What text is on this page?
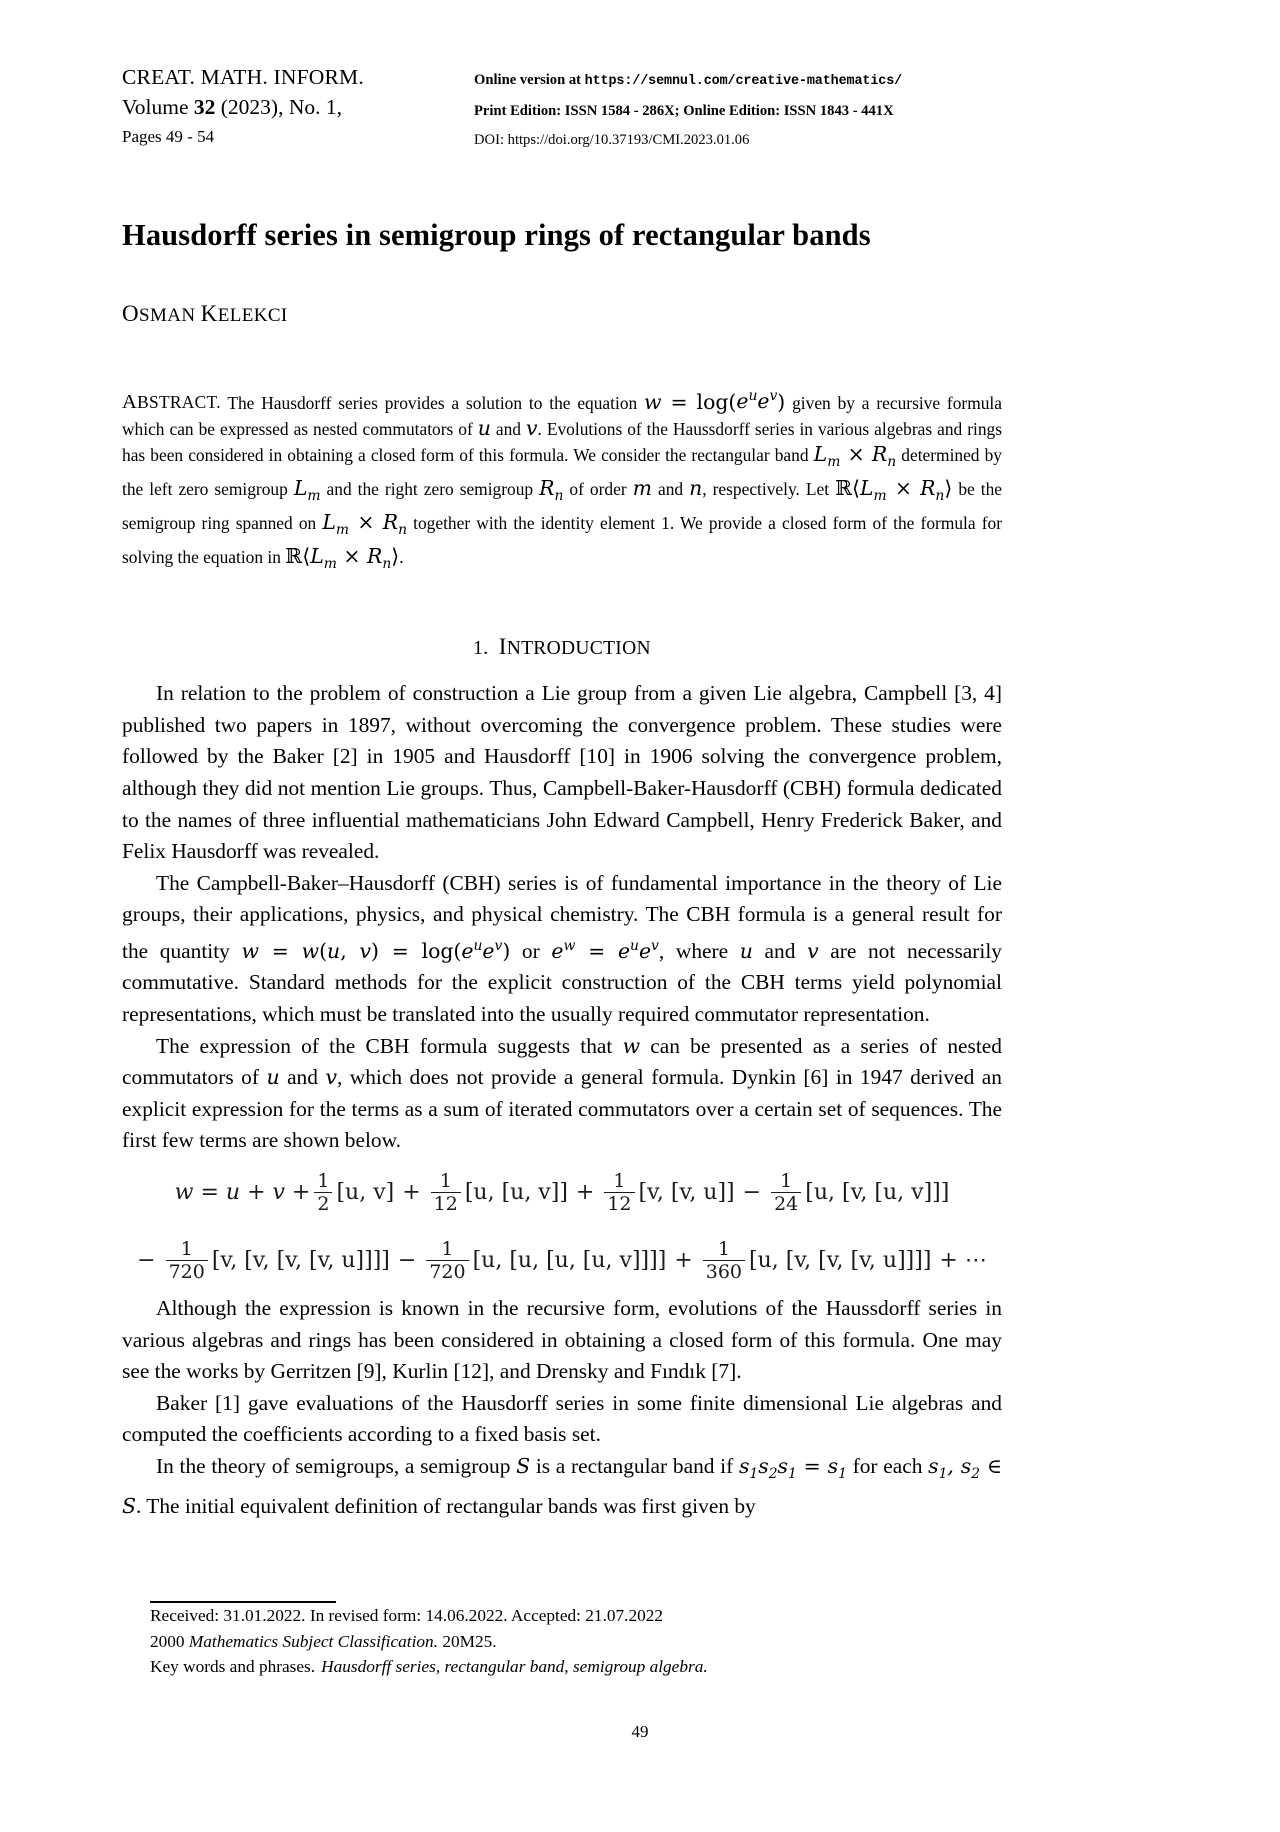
CREAT. MATH. INFORM.
Volume 32 (2023), No. 1,
Pages 49 - 54
Online version at https://semnul.com/creative-mathematics/
Print Edition: ISSN 1584 - 286X; Online Edition: ISSN 1843 - 441X
DOI: https://doi.org/10.37193/CMI.2023.01.06
Hausdorff series in semigroup rings of rectangular bands
OSMAN KELEKCI
ABSTRACT. The Hausdorff series provides a solution to the equation $w = \log(e^ue^v)$ given by a recursive formula which can be expressed as nested commutators of u and v. Evolutions of the Haussdorff series in various algebras and rings has been considered in obtaining a closed form of this formula. We consider the rectangular band $L_m \times R_n$ determined by the left zero semigroup $L_m$ and the right zero semigroup $R_n$ of order m and n, respectively. Let $ℝ⟨L_m$ × $R_n⟩$ be the semigroup ring spanned on $L_m \times R_n$ together with the identity element 1. We provide a closed form of the formula for solving the equation in $ℝ⟨L_m$ × $R_n⟩$.
1. INTRODUCTION

In relation to the problem of construction a Lie group from a given Lie algebra, Campbell [3, 4] published two papers in 1897, without overcoming the convergence problem. These studies were followed by the Baker [2] in 1905 and Hausdorff [10] in 1906 solving the convergence problem, although they did not mention Lie groups. Thus, Campbell-Baker-Hausdorff (CBH) formula dedicated to the names of three influential mathematicians John Edward Campbell, Henry Frederick Baker, and Felix Hausdorff was revealed.

The Campbell-Baker–Hausdorff (CBH) series is of fundamental importance in the theory of Lie groups, their applications, physics, and physical chemistry. The CBH formula is a general result for the quantity w = w(u, $v) = \log(e^ue^v)$ or $e^w = e^ue^v$, where u and v are not necessarily commutative. Standard methods for the explicit construction of the CBH terms yield polynomial representations, which must be translated into the usually required commutator representation.

The expression of the CBH formula suggests that w can be presented as a series of nested commutators of u and v, which does not provide a general formula. Dynkin [6] in 1947 derived an explicit expression for the terms as a sum of iterated commutators over a certain set of sequences. The first few terms are shown below.

$w = u + v + \frac{1}{2} [u$, $v] + \frac{1}{12} [u$, [u, $v]] + \frac{1}{12} [v$, [v, $u]] - \frac{1}{24} [u$, [v, [u, v]]]
− $\frac{1}{720} [v$, [v, [v, [v, $u]]]] - \frac{1}{720} [u$, [u, [u, [u, $v]]]] + \frac{1}{360} [u$, [v, [v, [v, u]]]] + ⋯

Although the expression is known in the recursive form, evolutions of the Haussdorff series in various algebras and rings has been considered in obtaining a closed form of this formula. One may see the works by Gerritzen [9], Kurlin [12], and Drensky and Fındık [7].

Baker [1] gave evaluations of the Hausdorff series in some finite dimensional Lie algebras and computed the coefficients according to a fixed basis set.

In the theory of semigroups, a semigroup S is a rectangular band if $s_1s_2s_1 = s_1$ for each $s_1$, $s_2$ ∈ S. The initial equivalent definition of rectangular bands was first given by

Received: 31.01.2022. In revised form: 14.06.2022. Accepted: 21.07.2022
2000 Mathematics Subject Classification. 20M25.
Key words and phrases. Hausdorff series, rectangular band, semigroup algebra.
49
